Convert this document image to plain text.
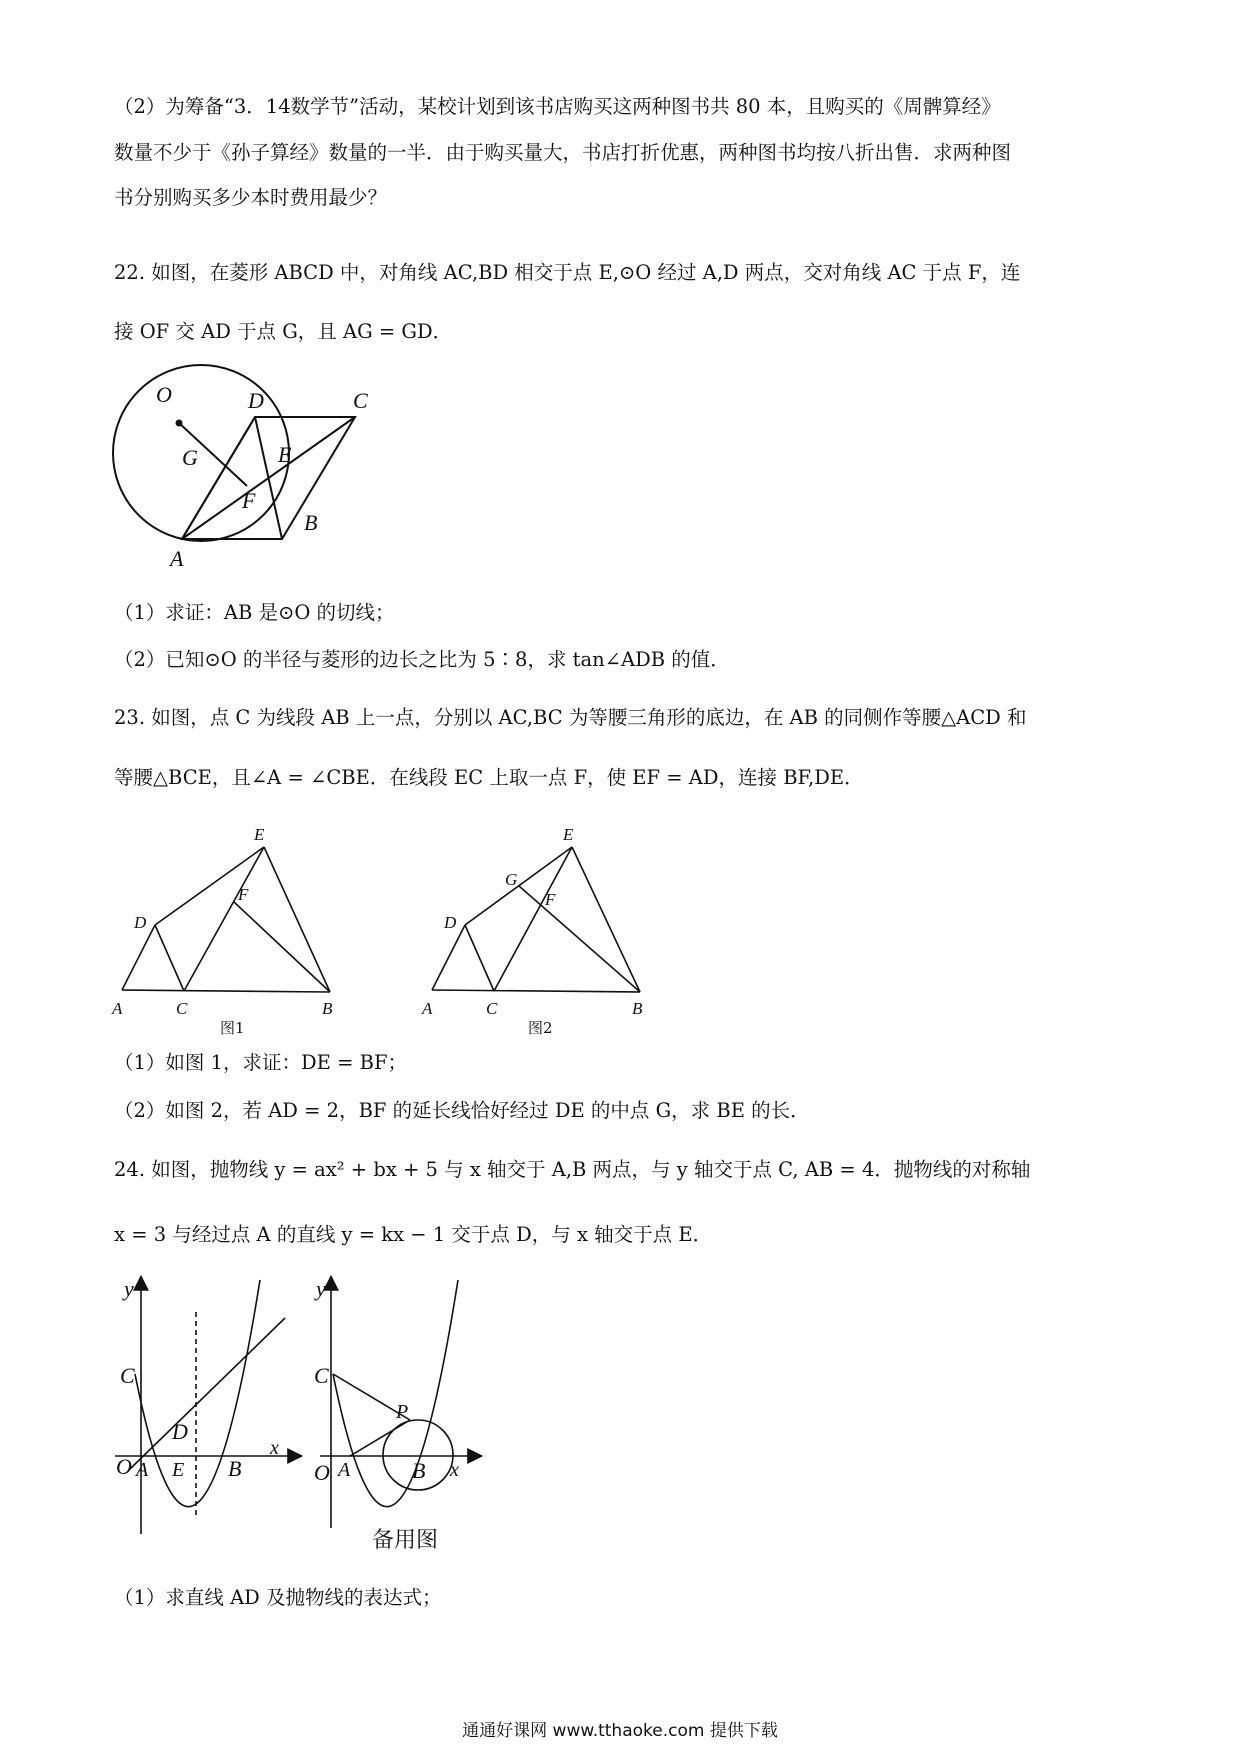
（2）为筹备“3．14数学节”活动，某校计划到该书店购买这两种图书共 80 本，且购买的《周髀算经》
数量不少于《孙子算经》数量的一半．由于购买量大，书店打折优惠，两种图书均按八折出售．求两种图
书分别购买多少本时费用最少？
22. 如图，在菱形 ABCD 中，对角线 AC,BD 相交于点 E,⊙O 经过 A,D 两点，交对角线 AC 于点 F，连
接 OF 交 AD 于点 G，且 AG = GD．
O	D	C
G	E
F
B
A
（1）求证：AB 是⊙O 的切线；
（2）已知⊙O 的半径与菱形的边长之比为 5∶8，求 tan∠ADB 的值．
23. 如图，点 C 为线段 AB 上一点，分别以 AC,BC 为等腰三角形的底边，在 AB 的同侧作等腰△ACD 和
等腰△BCE，且∠A = ∠CBE．在线段 EC 上取一点 F，使 EF = AD，连接 BF,DE．
E
F
D
A	C	B
图1
E
G
F
D
A	C	B
图2
（1）如图 1，求证：DE = BF；
（2）如图 2，若 AD = 2，BF 的延长线恰好经过 DE 的中点 G，求 BE 的长．
24. 如图，抛物线 y = ax² + bx + 5 与 x 轴交于 A,B 两点，与 y 轴交于点 C, AB = 4．抛物线的对称轴
x = 3 与经过点 A 的直线 y = kx − 1 交于点 D，与 x 轴交于点 E．
y
C
D
O A E B
x
y
C
P
O A	B x
备用图
（1）求直线 AD 及抛物线的表达式；
通通好课网 www.tthaoke.com 提供下载
